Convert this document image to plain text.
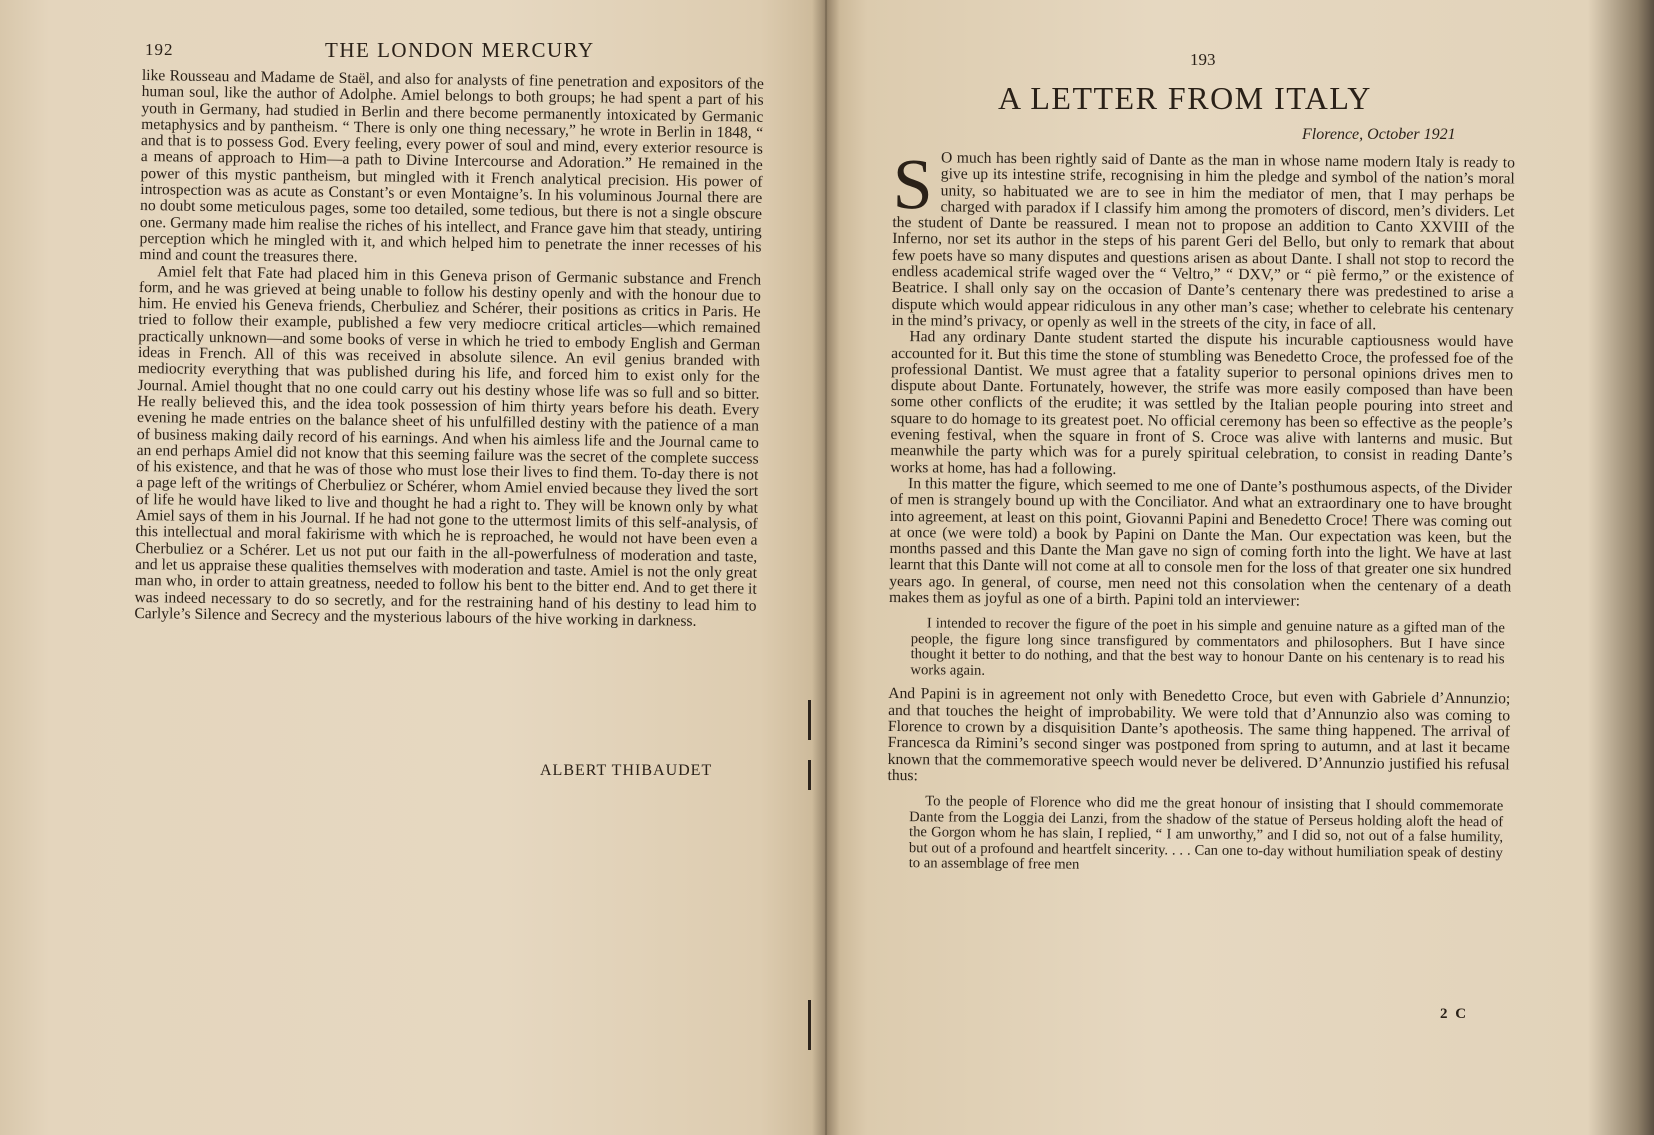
192	THE LONDON MERCURY

like Rousseau and Madame de Staël, and also for analysts of fine penetration and expositors of the human soul, like the author of Adolphe. Amiel belongs to both groups; he had spent a part of his youth in Germany, had studied in Berlin and there become permanently intoxicated by Germanic metaphysics and by pantheism. “ There is only one thing necessary,” he wrote in Berlin in 1848, “ and that is to possess God. Every feeling, every power of soul and mind, every exterior resource is a means of approach to Him—a path to Divine Intercourse and Adoration.” He remained in the power of this mystic pantheism, but mingled with it French analytical precision. His power of introspection was as acute as Constant’s or even Montaigne’s. In his voluminous Journal there are no doubt some meticulous pages, some too detailed, some tedious, but there is not a single obscure one. Germany made him realise the riches of his intellect, and France gave him that steady, untiring perception which he mingled with it, and which helped him to penetrate the inner recesses of his mind and count the treasures there.

Amiel felt that Fate had placed him in this Geneva prison of Germanic substance and French form, and he was grieved at being unable to follow his destiny openly and with the honour due to him. He envied his Geneva friends, Cherbuliez and Schérer, their positions as critics in Paris. He tried to follow their example, published a few very mediocre critical articles—which remained practically unknown—and some books of verse in which he tried to embody English and German ideas in French. All of this was received in absolute silence. An evil genius branded with mediocrity everything that was published during his life, and forced him to exist only for the Journal. Amiel thought that no one could carry out his destiny whose life was so full and so bitter. He really believed this, and the idea took possession of him thirty years before his death. Every evening he made entries on the balance sheet of his unfulfilled destiny with the patience of a man of business making daily record of his earnings. And when his aimless life and the Journal came to an end perhaps Amiel did not know that this seeming failure was the secret of the complete success of his existence, and that he was of those who must lose their lives to find them. To-day there is not a page left of the writings of Cherbuliez or Schérer, whom Amiel envied because they lived the sort of life he would have liked to live and thought he had a right to. They will be known only by what Amiel says of them in his Journal. If he had not gone to the uttermost limits of this self-analysis, of this intellectual and moral fakirisme with which he is reproached, he would not have been even a Cherbuliez or a Schérer. Let us not put our faith in the all-powerfulness of moderation and taste, and let us appraise these qualities themselves with moderation and taste. Amiel is not the only great man who, in order to attain greatness, needed to follow his bent to the bitter end. And to get there it was indeed necessary to do so secretly, and for the restraining hand of his destiny to lead him to Carlyle’s Silence and Secrecy and the mysterious labours of the hive working in darkness.

ALBERT THIBAUDET
193
A LETTER FROM ITALY
Florence, October 1921

S O much has been rightly said of Dante as the man in whose name modern Italy is ready to give up its intestine strife, recognising in him the pledge and symbol of the nation’s moral unity, so habituated we are to see in him the mediator of men, that I may perhaps be charged with paradox if I classify him among the promoters of discord, men’s dividers. Let the student of Dante be reassured. I mean not to propose an addition to Canto XXVIII of the Inferno, nor set its author in the steps of his parent Geri del Bello, but only to remark that about few poets have so many disputes and questions arisen as about Dante. I shall not stop to record the endless academical strife waged over the “ Veltro,” “ DXV,” or “ piè fermo,” or the existence of Beatrice. I shall only say on the occasion of Dante’s centenary there was predestined to arise a dispute which would appear ridiculous in any other man’s case; whether to celebrate his centenary in the mind’s privacy, or openly as well in the streets of the city, in face of all.

Had any ordinary Dante student started the dispute his incurable captiousness would have accounted for it. But this time the stone of stumbling was Benedetto Croce, the professed foe of the professional Dantist. We must agree that a fatality superior to personal opinions drives men to dispute about Dante. Fortunately, however, the strife was more easily composed than have been some other conflicts of the erudite; it was settled by the Italian people pouring into street and square to do homage to its greatest poet. No official ceremony has been so effective as the people’s evening festival, when the square in front of S. Croce was alive with lanterns and music. But meanwhile the party which was for a purely spiritual celebration, to consist in reading Dante’s works at home, has had a following.

In this matter the figure, which seemed to me one of Dante’s posthumous aspects, of the Divider of men is strangely bound up with the Conciliator. And what an extraordinary one to have brought into agreement, at least on this point, Giovanni Papini and Benedetto Croce! There was coming out at once (we were told) a book by Papini on Dante the Man. Our expectation was keen, but the months passed and this Dante the Man gave no sign of coming forth into the light. We have at last learnt that this Dante will not come at all to console men for the loss of that greater one six hundred years ago. In general, of course, men need not this consolation when the centenary of a death makes them as joyful as one of a birth. Papini told an interviewer:

I intended to recover the figure of the poet in his simple and genuine nature as a gifted man of the people, the figure long since transfigured by commentators and philosophers. But I have since thought it better to do nothing, and that the best way to honour Dante on his centenary is to read his works again.

And Papini is in agreement not only with Benedetto Croce, but even with Gabriele d’Annunzio; and that touches the height of improbability. We were told that d’Annunzio also was coming to Florence to crown by a disquisition Dante’s apotheosis. The same thing happened. The arrival of Francesca da Rimini’s second singer was postponed from spring to autumn, and at last it became known that the commemorative speech would never be delivered. D’Annunzio justified his refusal thus:

To the people of Florence who did me the great honour of insisting that I should commemorate Dante from the Loggia dei Lanzi, from the shadow of the statue of Perseus holding aloft the head of the Gorgon whom he has slain, I replied, “ I am unworthy,” and I did so, not out of a false humility, but out of a profound and heartfelt sincerity. . . . Can one to-day without humiliation speak of destiny to an assemblage of free men

2 C
